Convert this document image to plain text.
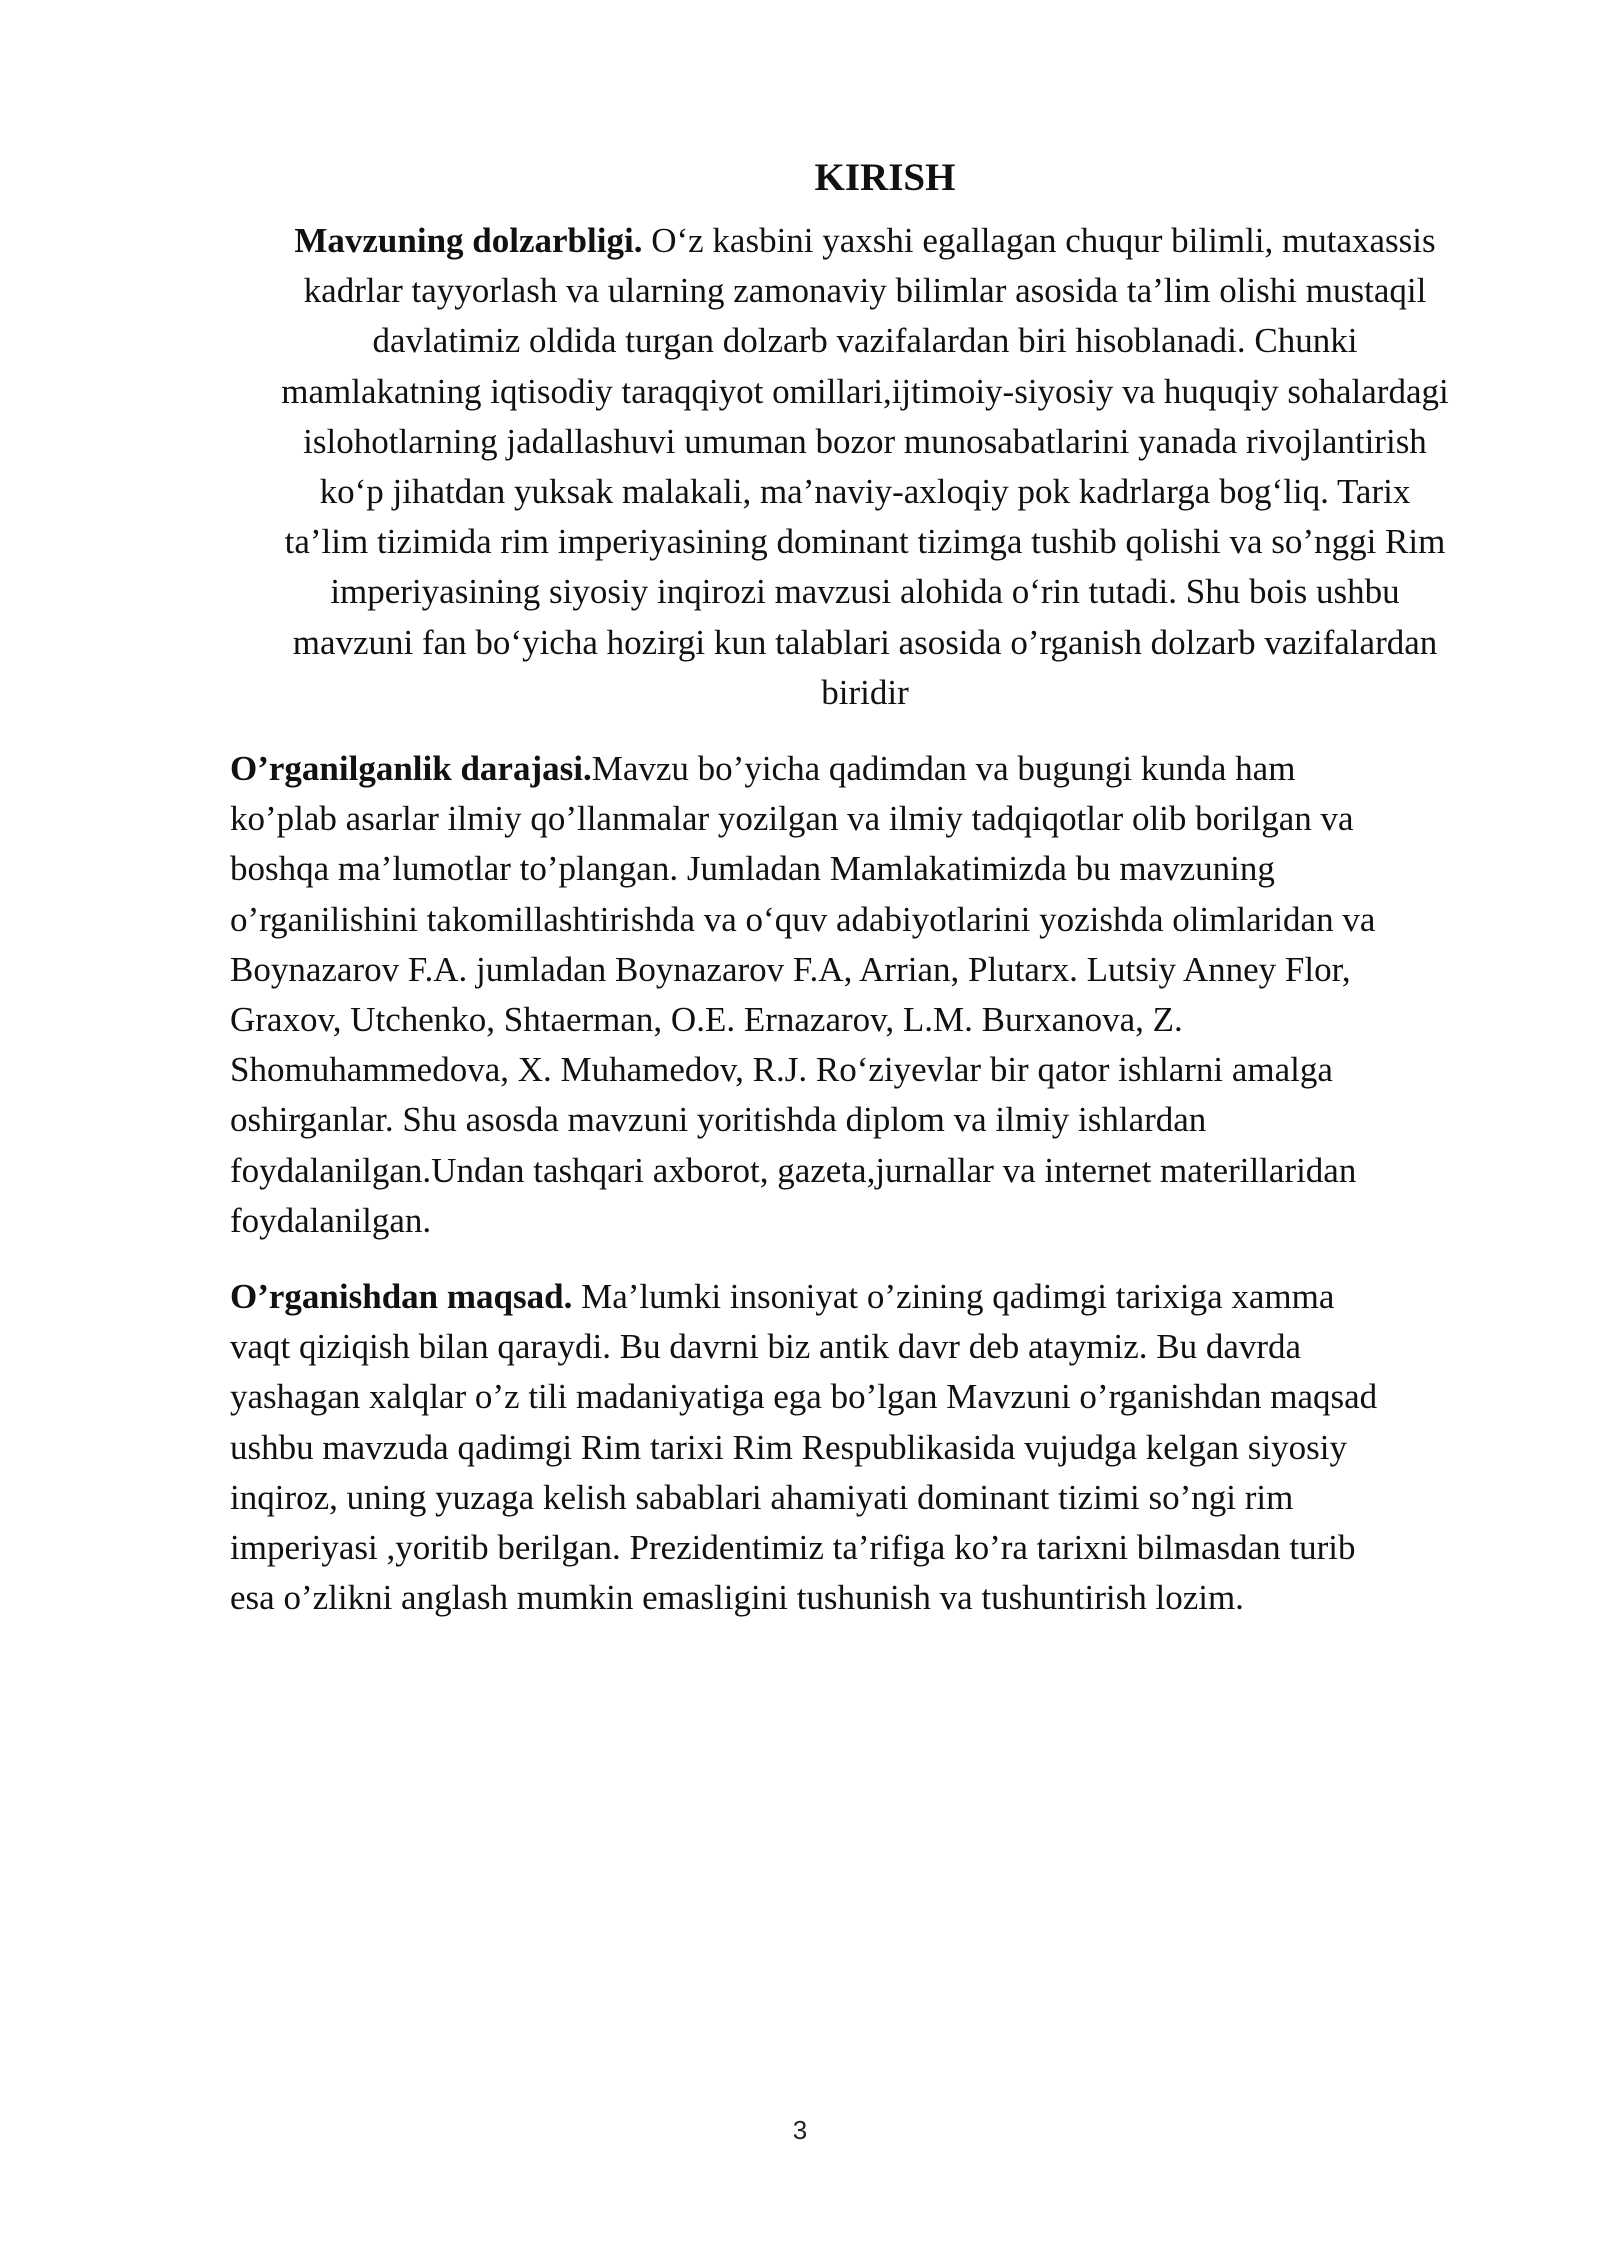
KIRISH

Mavzuning dolzarbligi. O‘z kasbini yaxshi egallagan chuqur bilimli, mutaxassis
kadrlar tayyorlash va ularning zamonaviy bilimlar asosida ta’lim olishi mustaqil
davlatimiz oldida turgan dolzarb vazifalardan biri hisoblanadi. Chunki
mamlakatning iqtisodiy taraqqiyot omillari,ijtimoiy-siyosiy va huquqiy sohalardagi
islohotlarning jadallashuvi umuman bozor munosabatlarini yanada rivojlantirish
ko‘p jihatdan yuksak malakali, ma’naviy-axloqiy pok kadrlarga bog‘liq. Tarix
ta’lim tizimida rim imperiyasining dominant tizimga tushib qolishi va so’nggi Rim
imperiyasining siyosiy inqirozi mavzusi alohida o‘rin tutadi. Shu bois ushbu
mavzuni fan bo‘yicha hozirgi kun talablari asosida o’rganish dolzarb vazifalardan
biridir

O’rganilganlik darajasi.Mavzu bo’yicha qadimdan va bugungi kunda ham
ko’plab asarlar ilmiy qo’llanmalar yozilgan va ilmiy tadqiqotlar olib borilgan va
boshqa ma’lumotlar to’plangan. Jumladan Mamlakatimizda bu mavzuning
o’rganilishini takomillashtirishda va o‘quv adabiyotlarini yozishda olimlaridan va
Boynazarov F.A. jumladan Boynazarov F.A, Arrian, Plutarx. Lutsiy Anney Flor,
Graxov, Utchenko, Shtaerman, O.E. Ernazarov, L.M. Burxanova, Z.
Shomuhammedova, X. Muhamedov, R.J. Ro‘ziyevlar bir qator ishlarni amalga
oshirganlar. Shu asosda mavzuni yoritishda diplom va ilmiy ishlardan
foydalanilgan.Undan tashqari axborot, gazeta,jurnallar va internet materillaridan
foydalanilgan.

O’rganishdan maqsad. Ma’lumki insoniyat o’zining qadimgi tarixiga xamma
vaqt qiziqish bilan qaraydi. Bu davrni biz antik davr deb ataymiz. Bu davrda
yashagan xalqlar o’z tili madaniyatiga ega bo’lgan Mavzuni o’rganishdan maqsad
ushbu mavzuda qadimgi Rim tarixi Rim Respublikasida vujudga kelgan siyosiy
inqiroz, uning yuzaga kelish sabablari ahamiyati dominant tizimi so’ngi rim
imperiyasi ,yoritib berilgan. Prezidentimiz ta’rifiga ko’ra tarixni bilmasdan turib
esa o’zlikni anglash mumkin emasligini tushunish va tushuntirish lozim.

3
